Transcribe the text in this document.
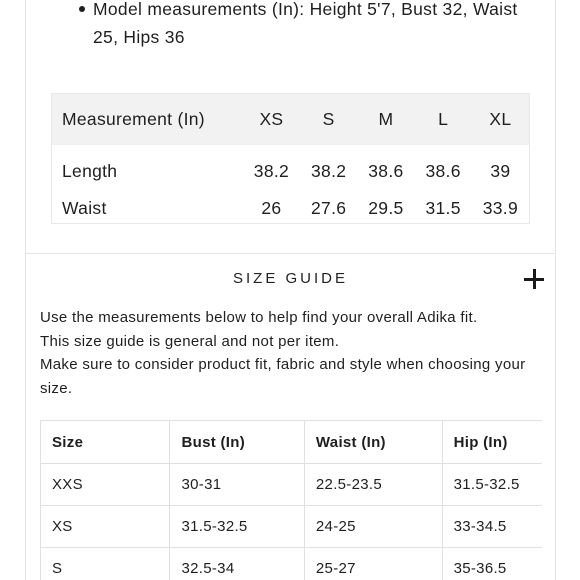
Model measurements (In): Height 5'7, Bust 32, Waist 25, Hips 36
Measurement (In)	XS	S	M	L	XL
Length	38.2	38.2	38.6	38.6	39
Waist	26	27.6	29.5	31.5	33.9
SIZE GUIDE

Use the measurements below to help find your overall Adika fit.

This size guide is general and not per item.

Make sure to consider product fit, fabric and style when choosing your size.

Size	Bust (In)	Waist (In)	Hip (In)
XXS	30-31	22.5-23.5	31.5-32.5
XS	31.5-32.5	24-25	33-34.5
S	32.5-34	25-27	35-36.5
